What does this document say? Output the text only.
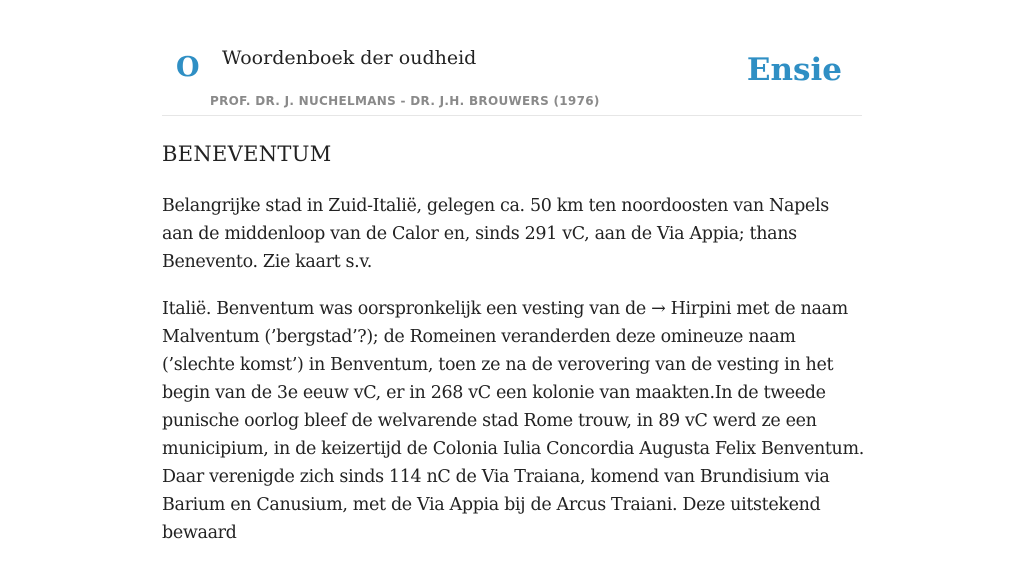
O Woordenboek der oudheid
PROF. DR. J. NUCHELMANS - DR. J.H. BROUWERS (1976)
Ensie
BENEVENTUM

Belangrijke stad in Zuid-Italië, gelegen ca. 50 km ten noordoosten van Napels aan de middenloop van de Calor en, sinds 291 vC, aan de Via Appia; thans Benevento. Zie kaart s.v.

Italië. Benventum was oorspronkelijk een vesting van de → Hirpini met de naam Malventum (’bergstad’?); de Romeinen veranderden deze omineuze naam (’slechte komst’) in Benventum, toen ze na de verovering van de vesting in het begin van de 3e eeuw vC, er in 268 vC een kolonie van maakten.In de tweede punische oorlog bleef de welvarende stad Rome trouw, in 89 vC werd ze een municipium, in de keizertijd de Colonia Iulia Concordia Augusta Felix Benventum. Daar verenigde zich sinds 114 nC de Via Traiana, komend van Brundisium via Barium en Canusium, met de Via Appia bij de Arcus Traiani. Deze uitstekend bewaard
